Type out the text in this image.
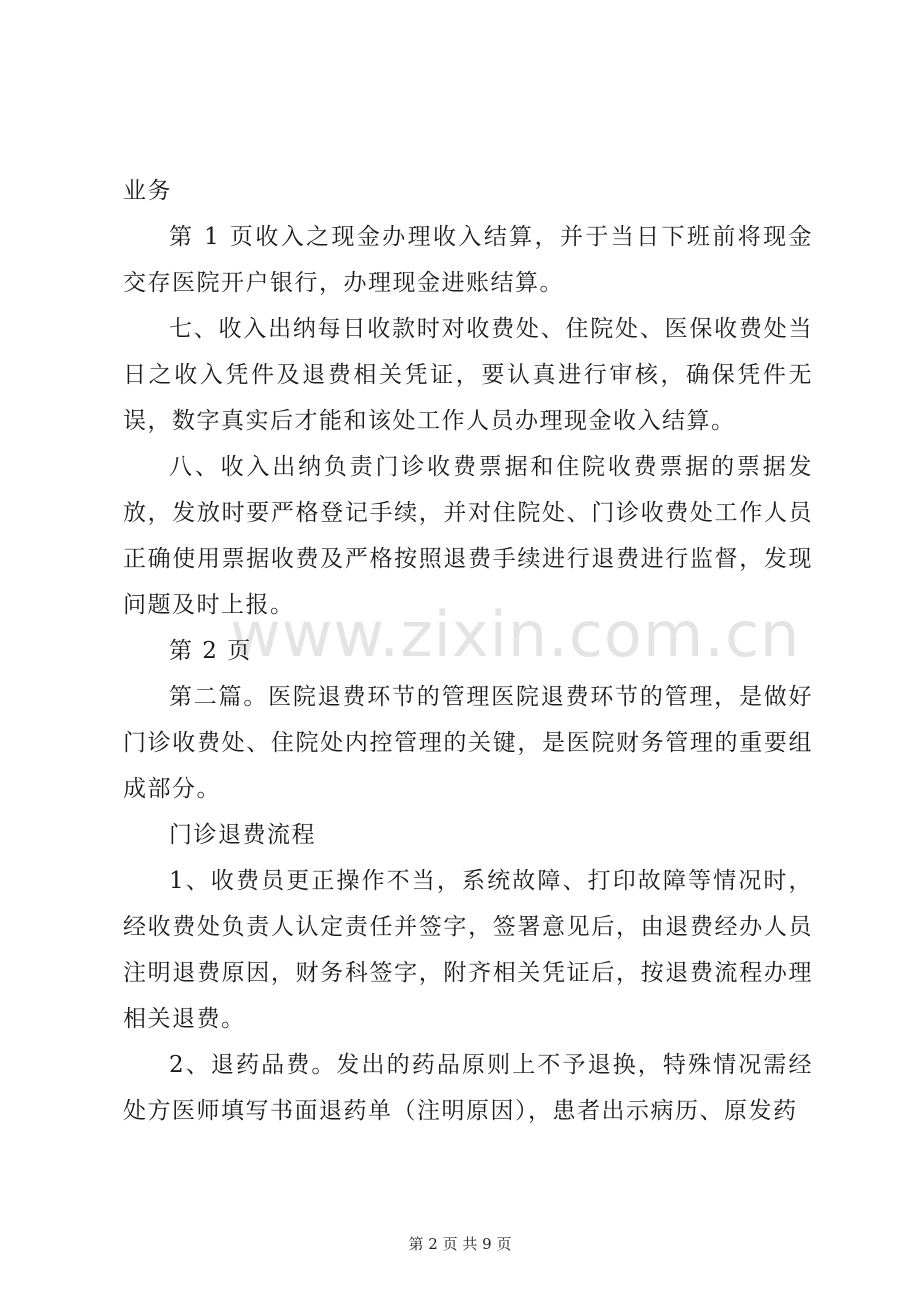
www.zixin.com.cn

业务

第 1 页收入之现金办理收入结算，并于当日下班前将现金交存医院开户银行，办理现金进账结算。

七、收入出纳每日收款时对收费处、住院处、医保收费处当日之收入凭件及退费相关凭证，要认真进行审核，确保凭件无误，数字真实后才能和该处工作人员办理现金收入结算。

八、收入出纳负责门诊收费票据和住院收费票据的票据发放，发放时要严格登记手续，并对住院处、门诊收费处工作人员正确使用票据收费及严格按照退费手续进行退费进行监督，发现问题及时上报。

第 2 页

第二篇。医院退费环节的管理医院退费环节的管理，是做好门诊收费处、住院处内控管理的关键，是医院财务管理的重要组成部分。

门诊退费流程

1、收费员更正操作不当，系统故障、打印故障等情况时，经收费处负责人认定责任并签字，签署意见后，由退费经办人员注明退费原因，财务科签字，附齐相关凭证后，按退费流程办理相关退费。

2、退药品费。发出的药品原则上不予退换，特殊情况需经处方医师填写书面退药单（注明原因），患者出示病历、原发药

第 2 页 共 9 页
